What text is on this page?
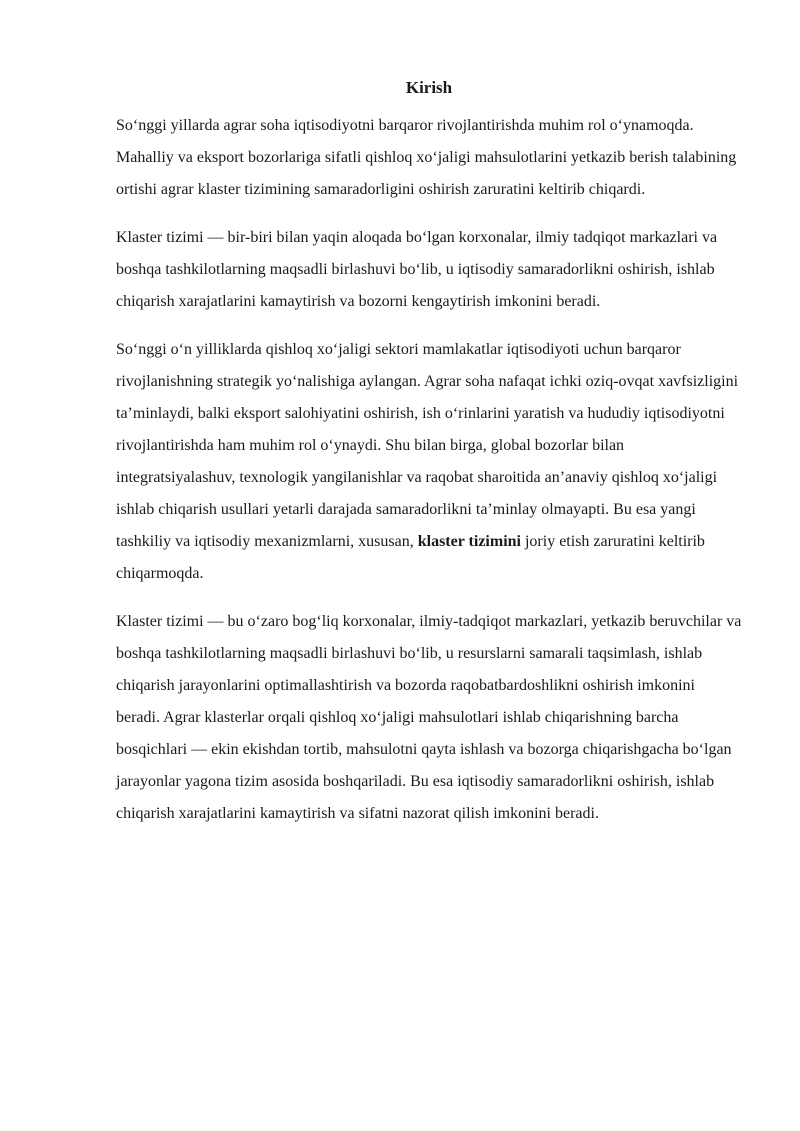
Kirish

So‘nggi yillarda agrar soha iqtisodiyotni barqaror rivojlantirishda muhim rol o‘ynamoqda. Mahalliy va eksport bozorlariga sifatli qishloq xo‘jaligi mahsulotlarini yetkazib berish talabining ortishi agrar klaster tizimining samaradorligini oshirish zaruratini keltirib chiqardi.

Klaster tizimi — bir-biri bilan yaqin aloqada bo‘lgan korxonalar, ilmiy tadqiqot markazlari va boshqa tashkilotlarning maqsadli birlashuvi bo‘lib, u iqtisodiy samaradorlikni oshirish, ishlab chiqarish xarajatlarini kamaytirish va bozorni kengaytirish imkonini beradi.

So‘nggi o‘n yilliklarda qishloq xo‘jaligi sektori mamlakatlar iqtisodiyoti uchun barqaror rivojlanishning strategik yo‘nalishiga aylangan. Agrar soha nafaqat ichki oziq-ovqat xavfsizligini ta’minlaydi, balki eksport salohiyatini oshirish, ish o‘rinlarini yaratish va hududiy iqtisodiyotni rivojlantirishda ham muhim rol o‘ynaydi. Shu bilan birga, global bozorlar bilan integratsiyalashuv, texnologik yangilanishlar va raqobat sharoitida an’anaviy qishloq xo‘jaligi ishlab chiqarish usullari yetarli darajada samaradorlikni ta’minlay olmayapti. Bu esa yangi tashkiliy va iqtisodiy mexanizmlarni, xususan, klaster tizimini joriy etish zaruratini keltirib chiqarmoqda.

Klaster tizimi — bu o‘zaro bog‘liq korxonalar, ilmiy-tadqiqot markazlari, yetkazib beruvchilar va boshqa tashkilotlarning maqsadli birlashuvi bo‘lib, u resurslarni samarali taqsimlash, ishlab chiqarish jarayonlarini optimallashtirish va bozorda raqobatbardoshlikni oshirish imkonini beradi. Agrar klasterlar orqali qishloq xo‘jaligi mahsulotlari ishlab chiqarishning barcha bosqichlari — ekin ekishdan tortib, mahsulotni qayta ishlash va bozorga chiqarishgacha bo‘lgan jarayonlar yagona tizim asosida boshqariladi. Bu esa iqtisodiy samaradorlikni oshirish, ishlab chiqarish xarajatlarini kamaytirish va sifatni nazorat qilish imkonini beradi.
